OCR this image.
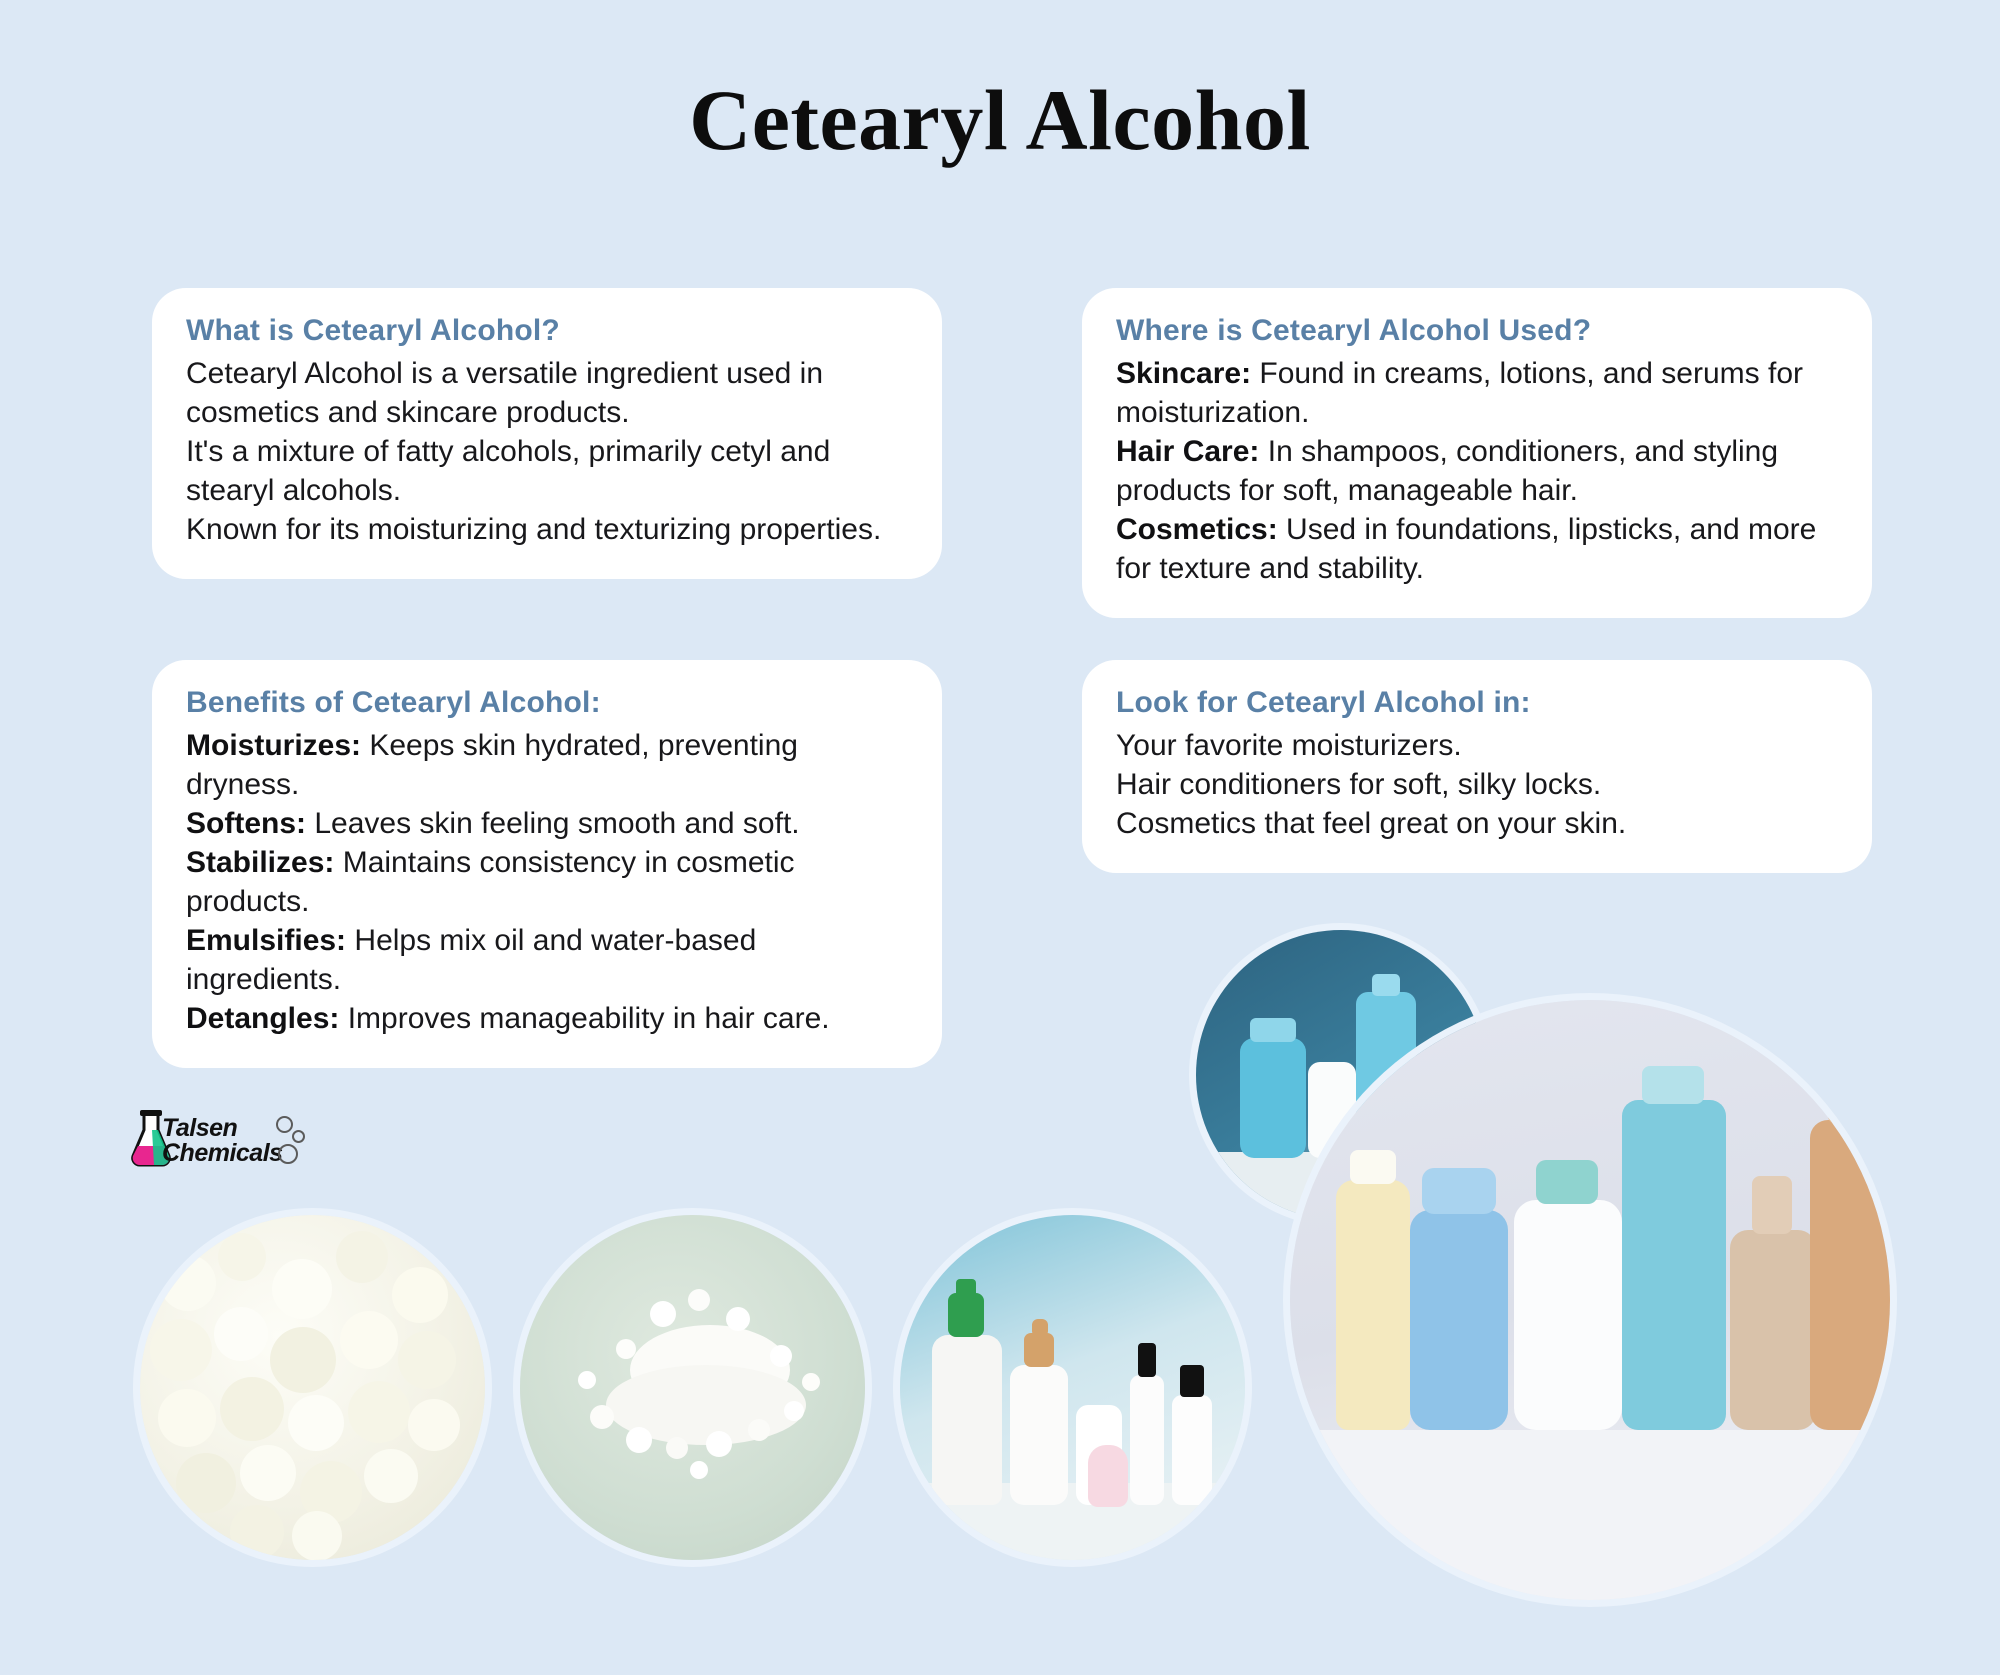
Cetearyl Alcohol
What is Cetearyl Alcohol?

Cetearyl Alcohol is a versatile ingredient used in cosmetics and skincare products.

It's a mixture of fatty alcohols, primarily cetyl and stearyl alcohols.

Known for its moisturizing and texturizing properties.

Where is Cetearyl Alcohol Used?

Skincare: Found in creams, lotions, and serums for moisturization.

Hair Care: In shampoos, conditioners, and styling products for soft, manageable hair.

Cosmetics: Used in foundations, lipsticks, and more for texture and stability.

Benefits of Cetearyl Alcohol:

Moisturizes: Keeps skin hydrated, preventing dryness.

Softens: Leaves skin feeling smooth and soft.

Stabilizes: Maintains consistency in cosmetic products.

Emulsifies: Helps mix oil and water-based ingredients.

Detangles: Improves manageability in hair care.

Look for Cetearyl Alcohol in:

Your favorite moisturizers.

Hair conditioners for soft, silky locks.

Cosmetics that feel great on your skin.

Talsen
Chemicals
